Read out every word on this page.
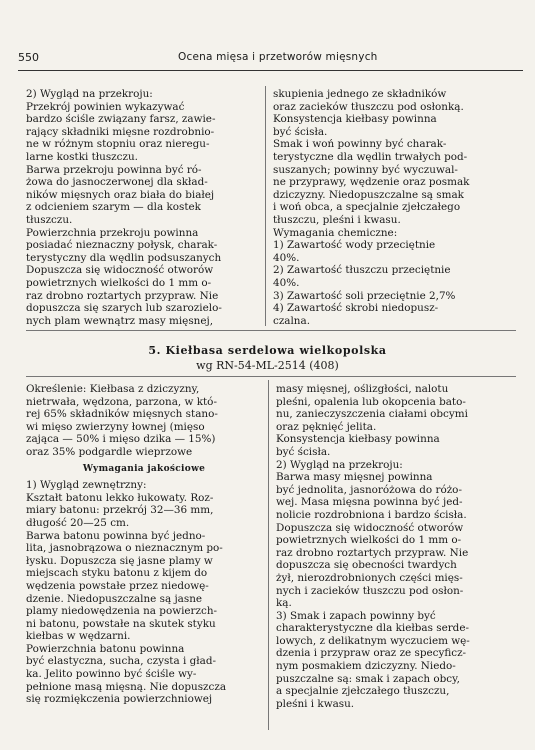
550	Ocena mięsa i przetworów mięsnych
2) Wygląd na przekroju:
Przekrój powinien wykazywać
bardzo ściśle związany farsz, zawie-
rający składniki mięsne rozdrobnio-
ne w różnym stopniu oraz nieregu-
larne kostki tłuszczu.
Barwa przekroju powinna być ró-
żowa do jasnoczerwonej dla skład-
ników mięsnych oraz biała do białej
z odcieniem szarym — dla kostek
tłuszczu.
Powierzchnia przekroju powinna
posiadać nieznaczny połysk, charak-
terystyczny dla wędlin podsuszanych
Dopuszcza się widoczność otworów
powietrznych wielkości do 1 mm o-
raz drobno roztartych przypraw. Nie
dopuszcza się szarych lub szarozielo-
nych plam wewnątrz masy mięsnej,
skupienia jednego ze składników
oraz zacieków tłuszczu pod osłonką.
Konsystencja kiełbasy powinna
być ścisła.
Smak i woń powinny być charak-
terystyczne dla wędlin trwałych pod-
suszanych; powinny być wyczuwal-
ne przyprawy, wędzenie oraz posmak
dziczyzny. Niedopuszczalne są smak
i woń obca, a specjalnie zjełczałego
tłuszczu, pleśni i kwasu.
Wymagania chemiczne:
1) Zawartość wody przeciętnie
40%.
2) Zawartość tłuszczu przeciętnie
40%.
3) Zawartość soli przeciętnie 2,7%
4) Zawartość skrobi niedopusz-
czalna.
5. Kiełbasa serdelowa wielkopolska
wg RN-54-ML-2514 (408)
Określenie: Kiełbasa z dziczyzny,
nietrwała, wędzona, parzona, w któ-
rej 65% składników mięsnych stano-
wi mięso zwierzyny łownej (mięso
zająca — 50% i mięso dzika — 15%)
oraz 35% podgardle wieprzowe
Wymagania jakościowe
1) Wygląd zewnętrzny:
Kształt batonu lekko łukowaty. Roz-
miary batonu: przekrój 32—36 mm,
długość 20—25 cm.
Barwa batonu powinna być jedno-
lita, jasnobrązowa o nieznacznym po-
łysku. Dopuszcza się jasne plamy w
miejscach styku batonu z kijem do
wędzenia powstałe przez niedowę-
dzenie. Niedopuszczalne są jasne
plamy niedowędzenia na powierzch-
ni batonu, powstałe na skutek styku
kiełbas w wędzarni.
Powierzchnia batonu powinna
być elastyczna, sucha, czysta i gład-
ka. Jelito powinno być ściśle wy-
pełnione masą mięsną. Nie dopuszcza
się rozmiękczenia powierzchniowej
masy mięsnej, oślizgłości, nalotu
pleśni, opalenia lub okopcenia bato-
nu, zanieczyszczenia ciałami obcymi
oraz pęknięć jelita.
Konsystencja kiełbasy powinna
być ścisła.
2) Wygląd na przekroju:
Barwa masy mięsnej powinna
być jednolita, jasnoróżowa do różo-
wej. Masa mięsna powinna być jed-
nolicie rozdrobniona i bardzo ścisła.
Dopuszcza się widoczność otworów
powietrznych wielkości do 1 mm o-
raz drobno roztartych przypraw. Nie
dopuszcza się obecności twardych
żył, nierozdrobnionych części mięs-
nych i zacieków tłuszczu pod osłon-
ką.
3) Smak i zapach powinny być
charakterystyczne dla kiełbas serde-
lowych, z delikatnym wyczuciem wę-
dzenia i przypraw oraz ze specyficz-
nym posmakiem dziczyzny. Niedo-
puszczalne są: smak i zapach obcy,
a specjalnie zjełczałego tłuszczu,
pleśni i kwasu.
